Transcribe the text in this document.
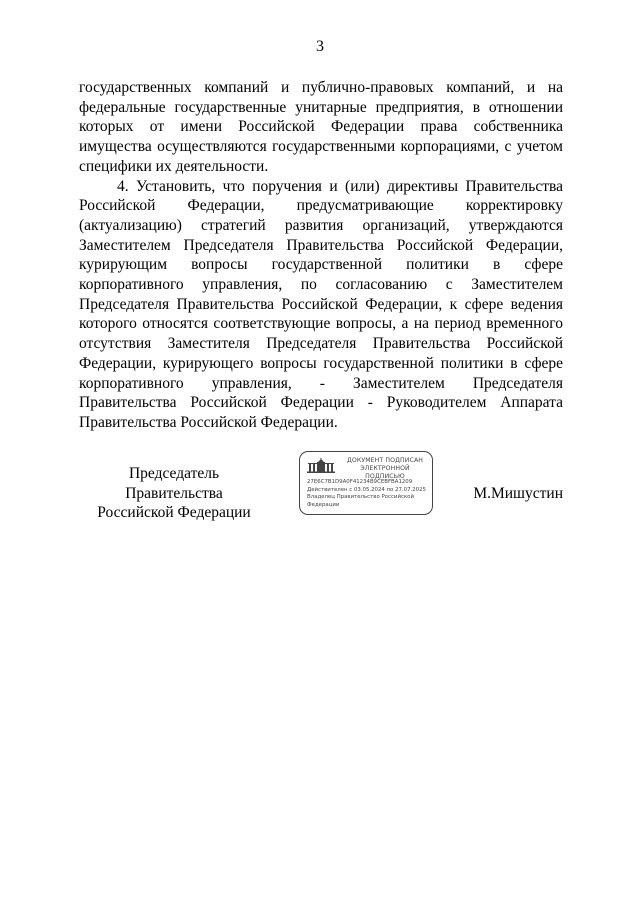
3

государственных компаний и публично-правовых компаний, и на федеральные государственные унитарные предприятия, в отношении которых от имени Российской Федерации права собственника имущества осуществляются государственными корпорациями, с учетом специфики их деятельности.

4. Установить, что поручения и (или) директивы Правительства Российской Федерации, предусматривающие корректировку (актуализацию) стратегий развития организаций, утверждаются Заместителем Председателя Правительства Российской Федерации, курирующим вопросы государственной политики в сфере корпоративного управления, по согласованию с Заместителем Председателя Правительства Российской Федерации, к сфере ведения которого относятся соответствующие вопросы, а на период временного отсутствия Заместителя Председателя Правительства Российской Федерации, курирующего вопросы государственной политики в сфере корпоративного управления, - Заместителем Председателя Правительства Российской Федерации - Руководителем Аппарата Правительства Российской Федерации.

Председатель Правительства
Российской Федерации
ДОКУМЕНТ ПОДПИСАН
ЭЛЕКТРОННОЙ ПОДПИСЬЮ
27E6C7B1D9A0F41234B9CEBFBA1209
Действителен с 03.05.2024 по 27.07.2025
Владелец Правительство Российской
Федерации
М.Мишустин
